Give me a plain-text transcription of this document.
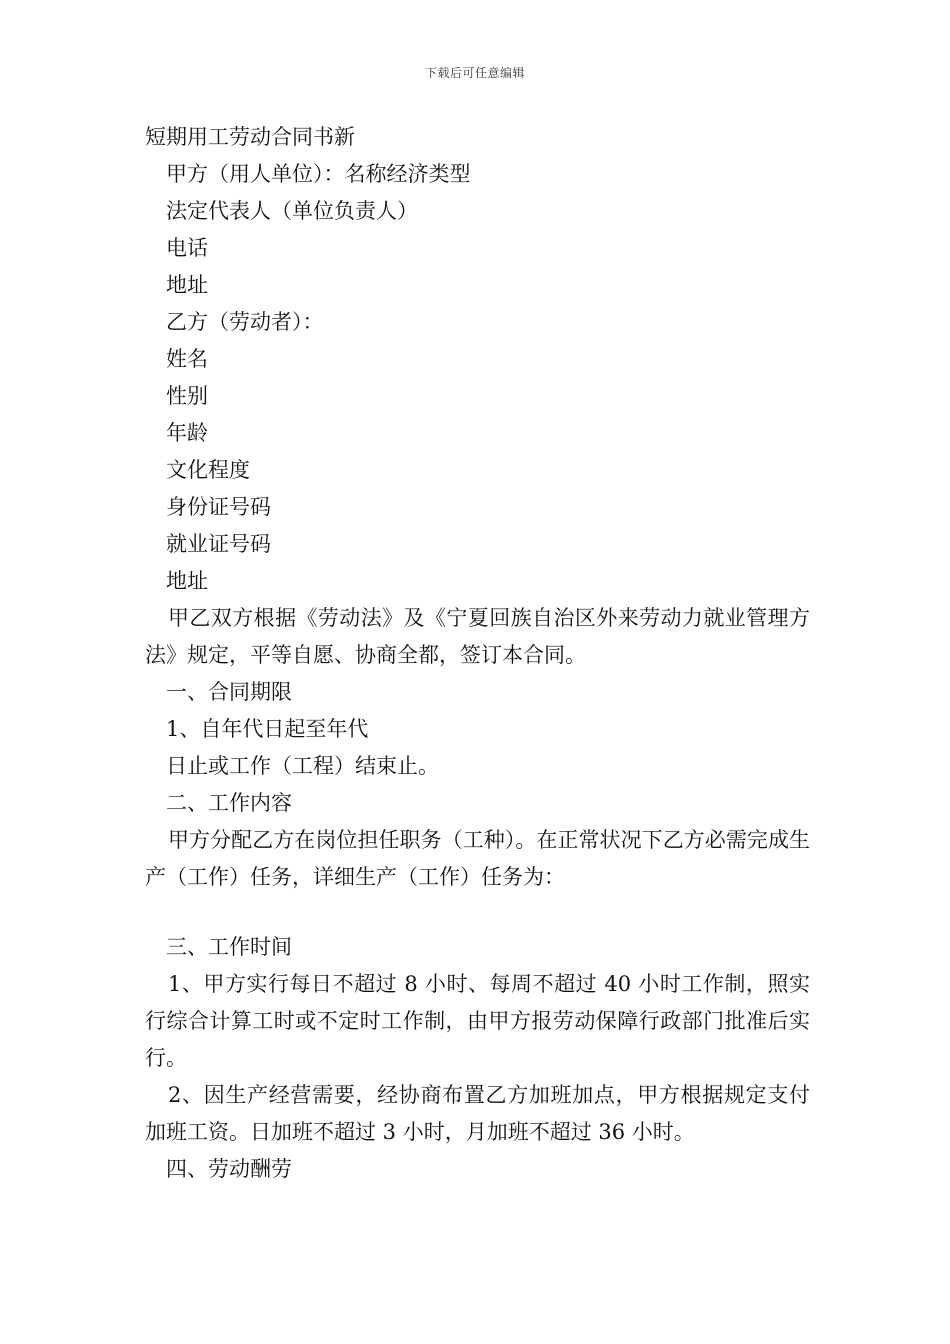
下载后可任意编辑
短期用工劳动合同书新
甲方（用人单位）：名称经济类型
法定代表人（单位负责人）
电话
地址
乙方（劳动者）：
姓名
性别
年龄
文化程度
身份证号码
就业证号码
地址
甲乙双方根据《劳动法》及《宁夏回族自治区外来劳动力就业管理方法》规定，平等自愿、协商全都，签订本合同。
一、合同期限
1、自年代日起至年代
日止或工作（工程）结束止。
二、工作内容
甲方分配乙方在岗位担任职务（工种）。在正常状况下乙方必需完成生产（工作）任务，详细生产（工作）任务为：
三、工作时间
1、甲方实行每日不超过 8 小时、每周不超过 40 小时工作制，照实行综合计算工时或不定时工作制，由甲方报劳动保障行政部门批准后实行。
2、因生产经营需要，经协商布置乙方加班加点，甲方根据规定支付加班工资。日加班不超过 3 小时，月加班不超过 36 小时。
四、劳动酬劳
